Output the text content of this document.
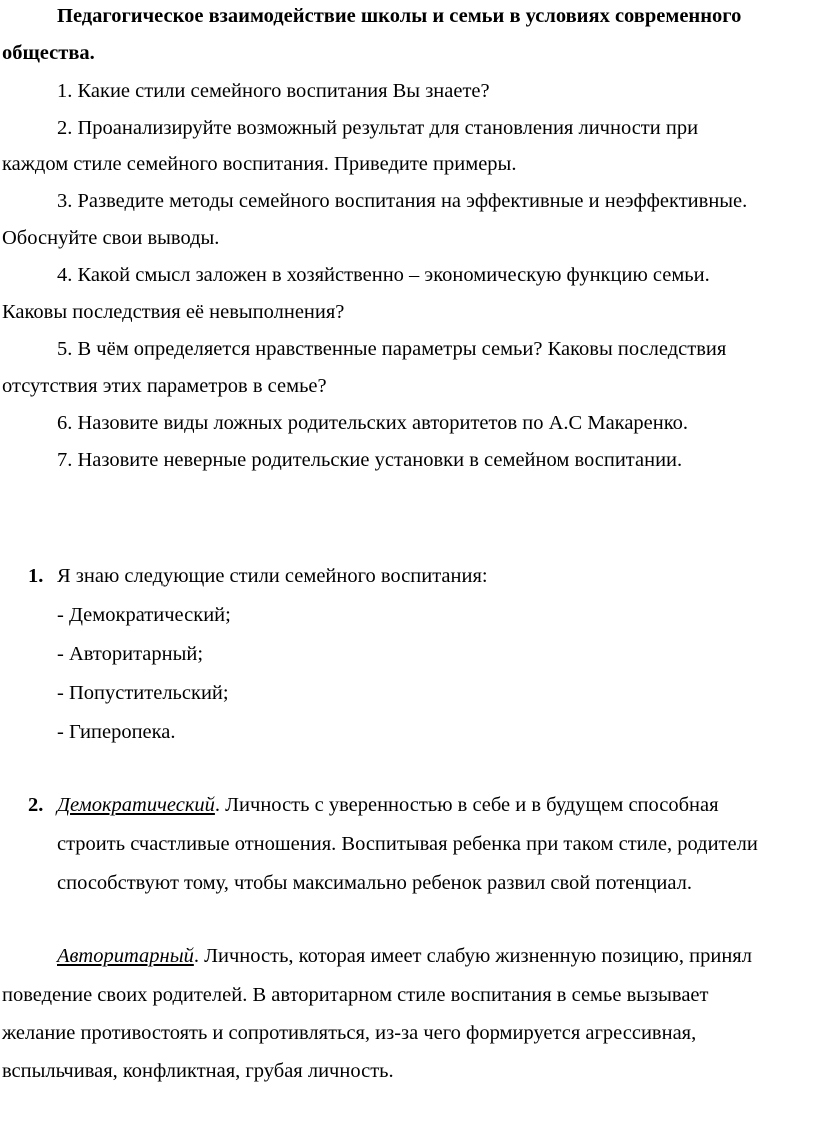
Педагогическое взаимодействие школы и семьи в условиях современного
общества.
1. Какие стили семейного воспитания Вы знаете?
2. Проанализируйте возможный результат для становления личности при
каждом стиле семейного воспитания. Приведите примеры.
3. Разведите методы семейного воспитания на эффективные и неэффективные.
Обоснуйте свои выводы.
4. Какой смысл заложен в хозяйственно – экономическую функцию семьи.
Каковы последствия её невыполнения?
5. В чём определяется нравственные параметры семьи? Каковы последствия
отсутствия этих параметров в семье?
6. Назовите виды ложных родительских авторитетов по А.С Макаренко.
7. Назовите неверные родительские установки в семейном воспитании.
1. Я знаю следующие стили семейного воспитания:
- Демократический;
- Авторитарный;
- Попустительский;
- Гиперопека.
2. Демократический. Личность с уверенностью в себе и в будущем способная
строить счастливые отношения. Воспитывая ребенка при таком стиле, родители
способствуют тому, чтобы максимально ребенок развил свой потенциал.
Авторитарный. Личность, которая имеет слабую жизненную позицию, принял
поведение своих родителей. В авторитарном стиле воспитания в семье вызывает
желание противостоять и сопротивляться, из-за чего формируется агрессивная,
вспыльчивая, конфликтная, грубая личность.
